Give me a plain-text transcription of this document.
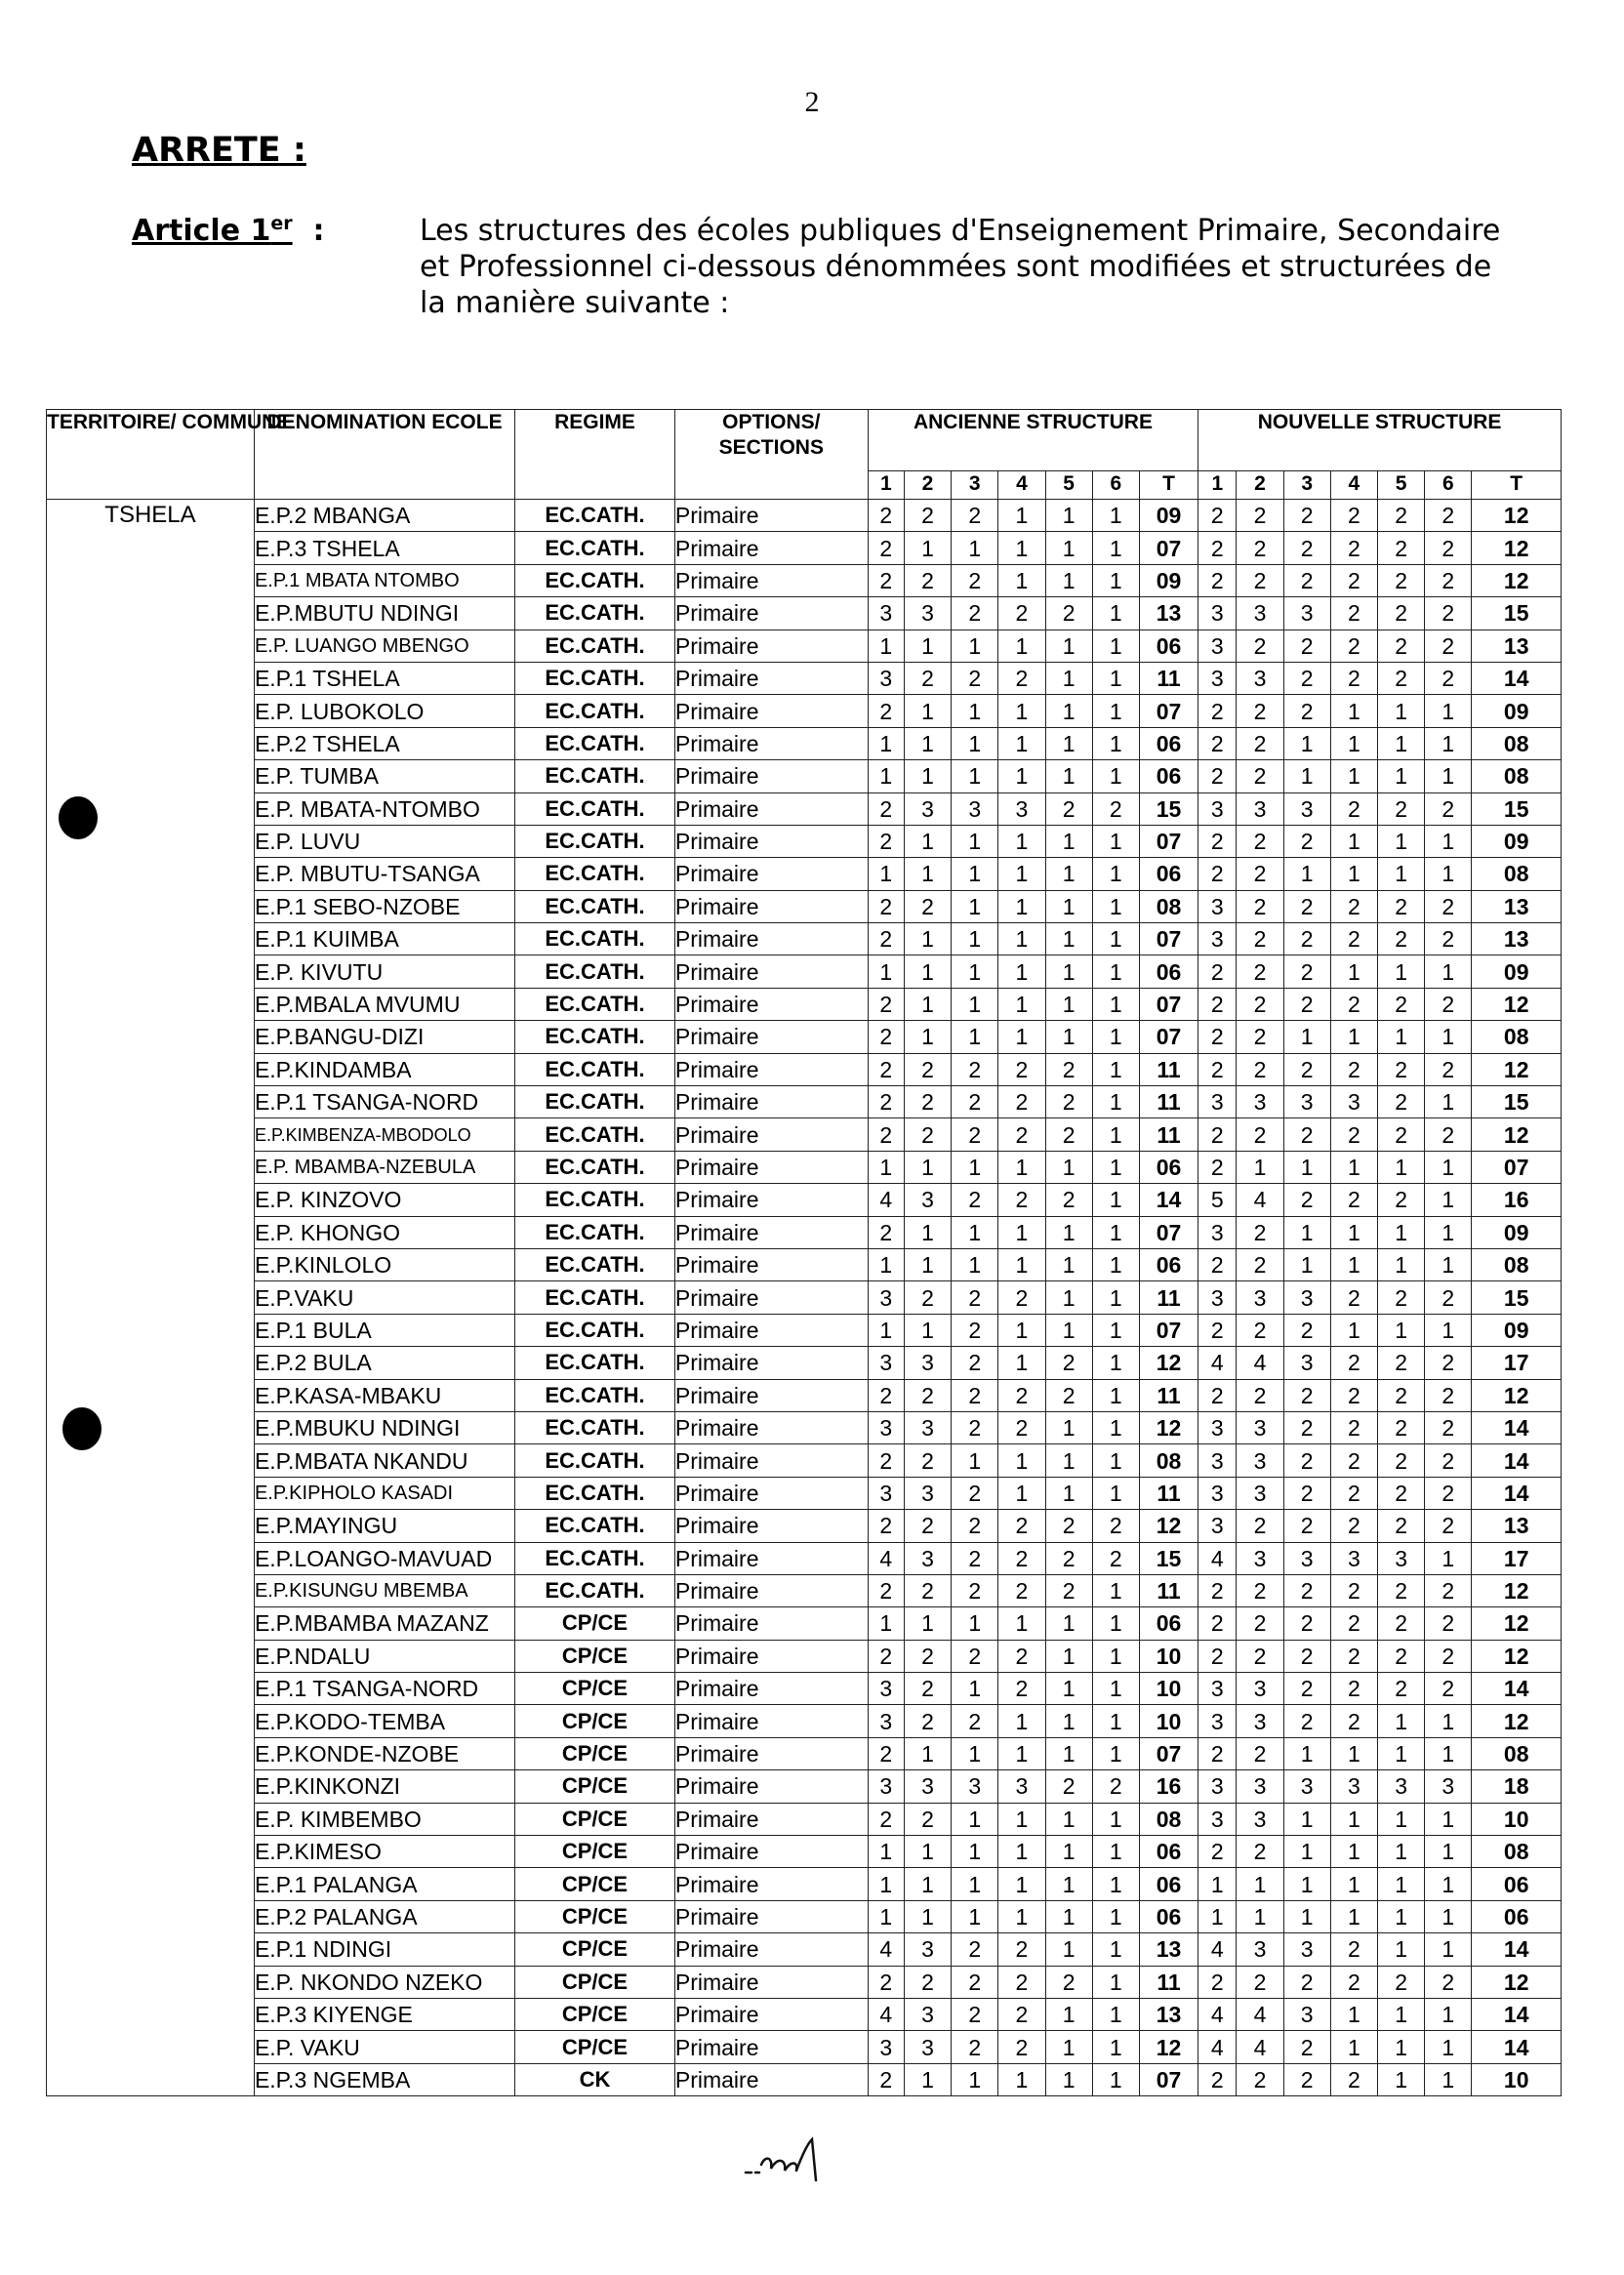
2
ARRETE :
Article 1er :	Les structures des écoles publiques d'Enseignement Primaire, Secondaire et Professionnel ci-dessous dénommées sont modifiées et structurées de la manière suivante :
TERRITOIRE/ COMMUNE	DENOMINATION ECOLE	REGIME	OPTIONS/ SECTIONS	ANCIENNE STRUCTURE							NOUVELLE STRUCTURE						
				1	2	3	4	5	6	T	1	2	3	4	5	6	T
TSHELA	E.P.2 MBANGA	EC.CATH.	Primaire	2	2	2	1	1	1	09	2	2	2	2	2	2	12
	E.P.3 TSHELA	EC.CATH.	Primaire	2	1	1	1	1	1	07	2	2	2	2	2	2	12
	E.P.1 MBATA NTOMBO	EC.CATH.	Primaire	2	2	2	1	1	1	09	2	2	2	2	2	2	12
	E.P.MBUTU NDINGI	EC.CATH.	Primaire	3	3	2	2	2	1	13	3	3	3	2	2	2	15
	E.P. LUANGO MBENGO	EC.CATH.	Primaire	1	1	1	1	1	1	06	3	2	2	2	2	2	13
	E.P.1 TSHELA	EC.CATH.	Primaire	3	2	2	2	1	1	11	3	3	2	2	2	2	14
	E.P. LUBOKOLO	EC.CATH.	Primaire	2	1	1	1	1	1	07	2	2	2	1	1	1	09
	E.P.2 TSHELA	EC.CATH.	Primaire	1	1	1	1	1	1	06	2	2	1	1	1	1	08
	E.P. TUMBA	EC.CATH.	Primaire	1	1	1	1	1	1	06	2	2	1	1	1	1	08
	E.P. MBATA-NTOMBO	EC.CATH.	Primaire	2	3	3	3	2	2	15	3	3	3	2	2	2	15
	E.P. LUVU	EC.CATH.	Primaire	2	1	1	1	1	1	07	2	2	2	1	1	1	09
	E.P. MBUTU-TSANGA	EC.CATH.	Primaire	1	1	1	1	1	1	06	2	2	1	1	1	1	08
	E.P.1 SEBO-NZOBE	EC.CATH.	Primaire	2	2	1	1	1	1	08	3	2	2	2	2	2	13
	E.P.1 KUIMBA	EC.CATH.	Primaire	2	1	1	1	1	1	07	3	2	2	2	2	2	13
	E.P. KIVUTU	EC.CATH.	Primaire	1	1	1	1	1	1	06	2	2	2	1	1	1	09
	E.P.MBALA MVUMU	EC.CATH.	Primaire	2	1	1	1	1	1	07	2	2	2	2	2	2	12
	E.P.BANGU-DIZI	EC.CATH.	Primaire	2	1	1	1	1	1	07	2	2	1	1	1	1	08
	E.P.KINDAMBA	EC.CATH.	Primaire	2	2	2	2	2	1	11	2	2	2	2	2	2	12
	E.P.1 TSANGA-NORD	EC.CATH.	Primaire	2	2	2	2	2	1	11	3	3	3	3	2	1	15
	E.P.KIMBENZA-MBODOLO	EC.CATH.	Primaire	2	2	2	2	2	1	11	2	2	2	2	2	2	12
	E.P. MBAMBA-NZEBULA	EC.CATH.	Primaire	1	1	1	1	1	1	06	2	1	1	1	1	1	07
	E.P. KINZOVO	EC.CATH.	Primaire	4	3	2	2	2	1	14	5	4	2	2	2	1	16
	E.P. KHONGO	EC.CATH.	Primaire	2	1	1	1	1	1	07	3	2	1	1	1	1	09
	E.P.KINLOLO	EC.CATH.	Primaire	1	1	1	1	1	1	06	2	2	1	1	1	1	08
	E.P.VAKU	EC.CATH.	Primaire	3	2	2	2	1	1	11	3	3	3	2	2	2	15
	E.P.1 BULA	EC.CATH.	Primaire	1	1	2	1	1	1	07	2	2	2	1	1	1	09
	E.P.2 BULA	EC.CATH.	Primaire	3	3	2	1	2	1	12	4	4	3	2	2	2	17
	E.P.KASA-MBAKU	EC.CATH.	Primaire	2	2	2	2	2	1	11	2	2	2	2	2	2	12
	E.P.MBUKU NDINGI	EC.CATH.	Primaire	3	3	2	2	1	1	12	3	3	2	2	2	2	14
	E.P.MBATA NKANDU	EC.CATH.	Primaire	2	2	1	1	1	1	08	3	3	2	2	2	2	14
	E.P.KIPHOLO KASADI	EC.CATH.	Primaire	3	3	2	1	1	1	11	3	3	2	2	2	2	14
	E.P.MAYINGU	EC.CATH.	Primaire	2	2	2	2	2	2	12	3	2	2	2	2	2	13
	E.P.LOANGO-MAVUAD	EC.CATH.	Primaire	4	3	2	2	2	2	15	4	3	3	3	3	1	17
	E.P.KISUNGU MBEMBA	EC.CATH.	Primaire	2	2	2	2	2	1	11	2	2	2	2	2	2	12
	E.P.MBAMBA MAZANZ	CP/CE	Primaire	1	1	1	1	1	1	06	2	2	2	2	2	2	12
	E.P.NDALU	CP/CE	Primaire	2	2	2	2	1	1	10	2	2	2	2	2	2	12
	E.P.1 TSANGA-NORD	CP/CE	Primaire	3	2	1	2	1	1	10	3	3	2	2	2	2	14
	E.P.KODO-TEMBA	CP/CE	Primaire	3	2	2	1	1	1	10	3	3	2	2	1	1	12
	E.P.KONDE-NZOBE	CP/CE	Primaire	2	1	1	1	1	1	07	2	2	1	1	1	1	08
	E.P.KINKONZI	CP/CE	Primaire	3	3	3	3	2	2	16	3	3	3	3	3	3	18
	E.P. KIMBEMBO	CP/CE	Primaire	2	2	1	1	1	1	08	3	3	1	1	1	1	10
	E.P.KIMESO	CP/CE	Primaire	1	1	1	1	1	1	06	2	2	1	1	1	1	08
	E.P.1 PALANGA	CP/CE	Primaire	1	1	1	1	1	1	06	1	1	1	1	1	1	06
	E.P.2 PALANGA	CP/CE	Primaire	1	1	1	1	1	1	06	1	1	1	1	1	1	06
	E.P.1 NDINGI	CP/CE	Primaire	4	3	2	2	1	1	13	4	3	3	2	1	1	14
	E.P. NKONDO NZEKO	CP/CE	Primaire	2	2	2	2	2	1	11	2	2	2	2	2	2	12
	E.P.3 KIYENGE	CP/CE	Primaire	4	3	2	2	1	1	13	4	4	3	1	1	1	14
	E.P. VAKU	CP/CE	Primaire	3	3	2	2	1	1	12	4	4	2	1	1	1	14
	E.P.3 NGEMBA	CK	Primaire	2	1	1	1	1	1	07	2	2	2	2	1	1	10
